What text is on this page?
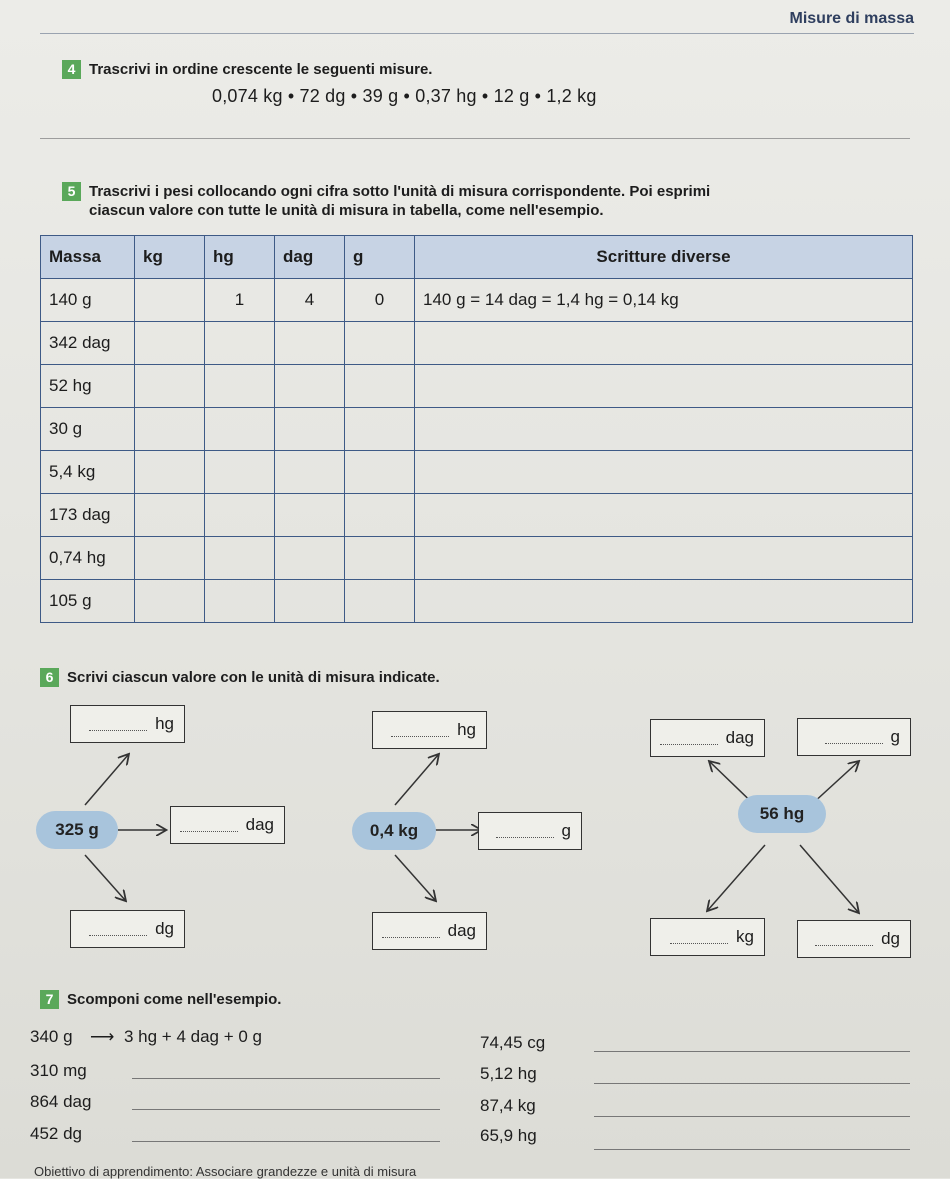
Misure di massa
4 Trascrivi in ordine crescente le seguenti misure.
0,074 kg • 72 dg • 39 g • 0,37 hg • 12 g • 1,2 kg
5 Trascrivi i pesi collocando ogni cifra sotto l'unità di misura corrispondente. Poi esprimi
ciascun valore con tutte le unità di misura in tabella, come nell'esempio.
Massa	kg	hg	dag	g	Scritture diverse
140 g		1	4	0	140 g = 14 dag = 1,4 hg = 0,14 kg
342 dag					
52 hg					
30 g					
5,4 kg					
173 dag					
0,74 hg					
105 g					
6 Scrivi ciascun valore con le unità di misura indicate.
hg
325 g	dag
dg
hg
0,4 kg	g
dag
dag	g
56 hg
kg	dg
7 Scomponi come nell'esempio.
340 g ⟶ 3 hg + 4 dag + 0 g
310 mg
864 dag
452 dg
74,45 cg
5,12 hg
87,4 kg
65,9 hg
Obiettivo di apprendimento: Associare grandezze e unità di misura
